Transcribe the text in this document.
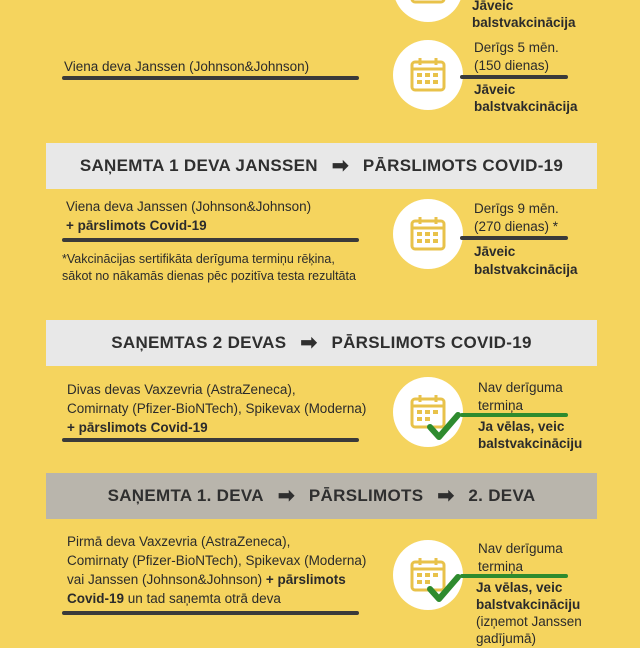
Jāveic
balstvakcinācija
Viena deva Janssen (Johnson&Johnson)
Derīgs 5 mēn.
(150 dienas)
Jāveic
balstvakcinācija
SAŅEMTA 1 DEVA JANSSEN ➡ PĀRSLIMOTS COVID-19
Viena deva Janssen (Johnson&Johnson)
+ pārslimots Covid-19
*Vakcinācijas sertifikāta derīguma termiņu rēķina,
sākot no nākamās dienas pēc pozitīva testa rezultāta
Derīgs 9 mēn.
(270 dienas) *
Jāveic
balstvakcinācija
SAŅEMTAS 2 DEVAS ➡ PĀRSLIMOTS COVID-19
Divas devas Vaxzevria (AstraZeneca),
Comirnaty (Pfizer-BioNTech), Spikevax (Moderna)
+ pārslimots Covid-19
Nav derīguma
termiņa
Ja vēlas, veic
balstvakcināciju
SAŅEMTA 1. DEVA ➡ PĀRSLIMOTS ➡ 2. DEVA
Pirmā deva Vaxzevria (AstraZeneca),
Comirnaty (Pfizer-BioNTech), Spikevax (Moderna)
vai Janssen (Johnson&Johnson) + pārslimots
Covid-19 un tad saņemta otrā deva
Nav derīguma
termiņa
Ja vēlas, veic
balstvakcināciju
(izņemot Janssen
gadījumā)
